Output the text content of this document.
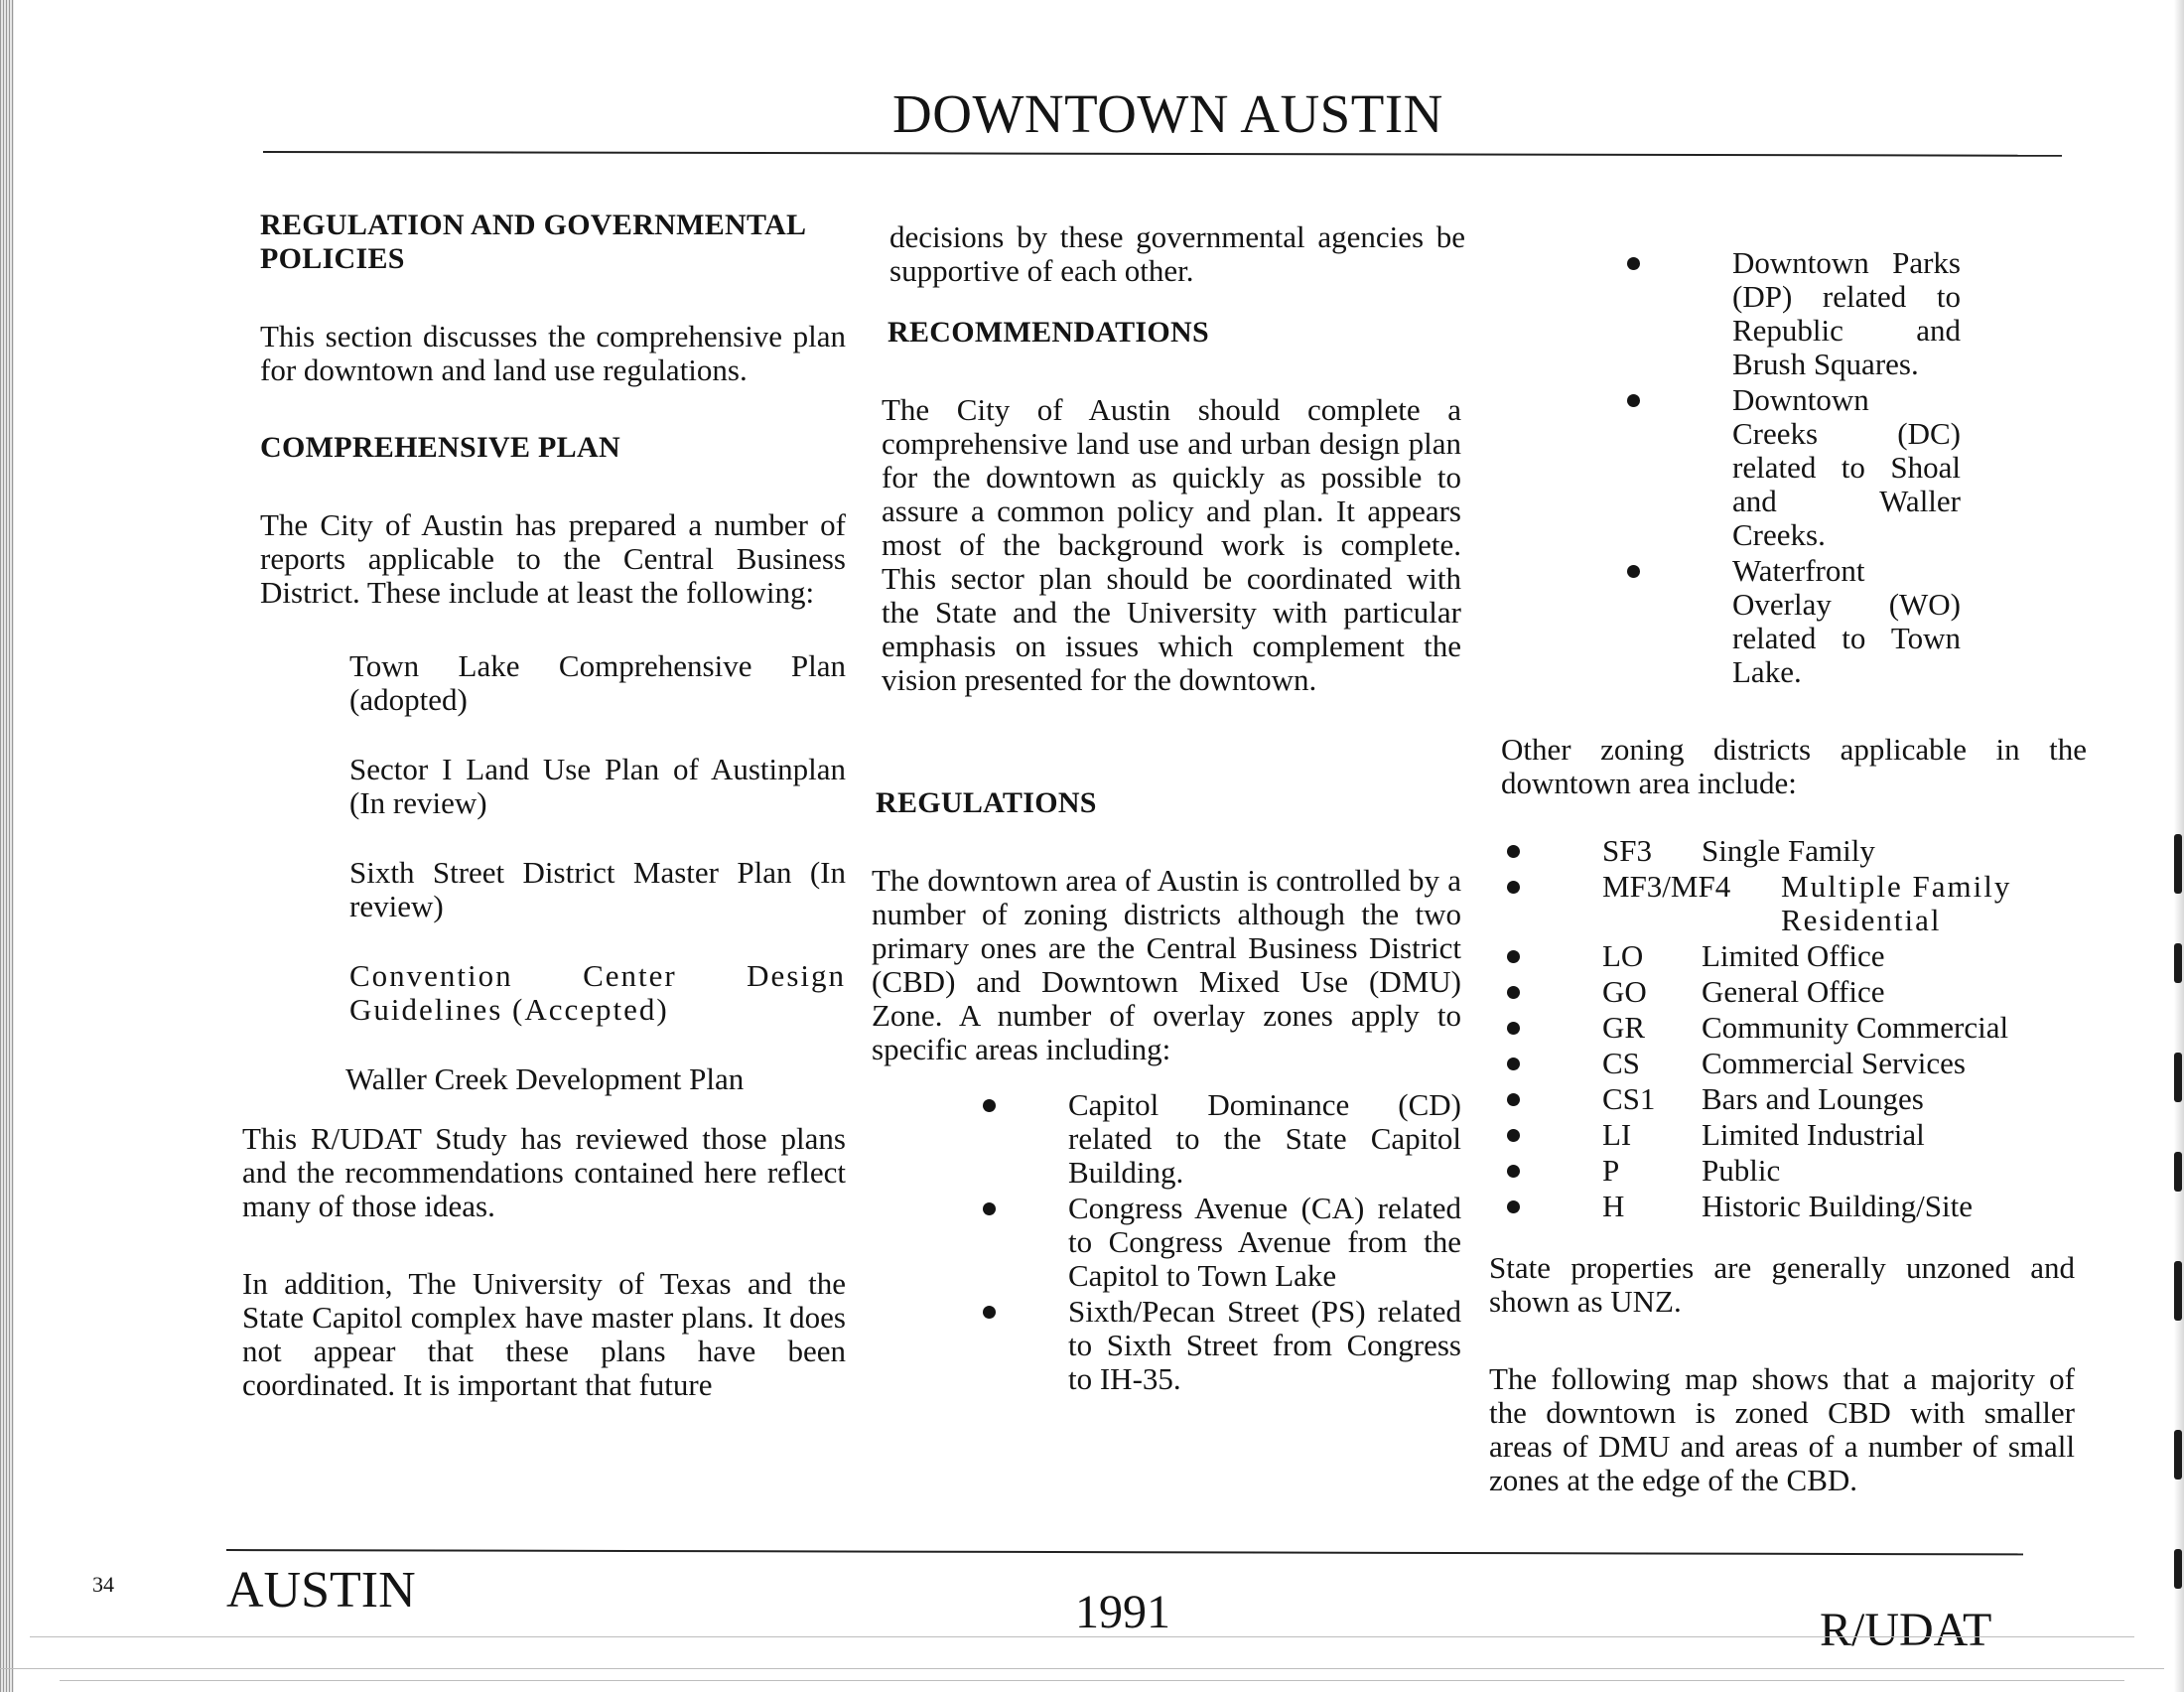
DOWNTOWN AUSTIN
REGULATION AND GOVERNMENTAL POLICIES

This section discusses the comprehensive plan for downtown and land use regulations.

COMPREHENSIVE PLAN

The City of Austin has prepared a number of reports applicable to the Central Business District. These include at least the following:

Town Lake Comprehensive Plan (adopted)

Sector I Land Use Plan of Austinplan (In review)

Sixth Street District Master Plan (In review)

Convention Center Design Guidelines (Accepted)

Waller Creek Development Plan

This R/UDAT Study has reviewed those plans and the recommendations contained here reflect many of those ideas.

In addition, The University of Texas and the State Capitol complex have master plans. It does not appear that these plans have been coordinated. It is important that future

decisions by these governmental agencies be supportive of each other.

RECOMMENDATIONS

The City of Austin should complete a comprehensive land use and urban design plan for the downtown as quickly as possible to assure a common policy and plan. It appears most of the background work is complete. This sector plan should be coordinated with the State and the University with particular emphasis on issues which complement the vision presented for the downtown.

REGULATIONS

The downtown area of Austin is controlled by a number of zoning districts although the two primary ones are the Central Business District (CBD) and Downtown Mixed Use (DMU) Zone. A number of overlay zones apply to specific areas including:

Capitol Dominance (CD) related to the State Capitol Building.
Congress Avenue (CA) related to Congress Avenue from the Capitol to Town Lake
Sixth/Pecan Street (PS) related to Sixth Street from Congress to IH-35.
Downtown Parks (DP) related to Republic and Brush Squares.
Downtown Creeks (DC) related to Shoal and Waller Creeks.
Waterfront Overlay (WO) related to Town Lake.

Other zoning districts applicable in the downtown area include:

SF3	Single Family
MF3/MF4	Multiple Family Residential
LO	Limited Office
GO	General Office
GR	Community Commercial
CS	Commercial Services
CS1	Bars and Lounges
LI	Limited Industrial
P	Public
H	Historic Building/Site

State properties are generally unzoned and shown as UNZ.

The following map shows that a majority of the downtown is zoned CBD with smaller areas of DMU and areas of a number of small zones at the edge of the CBD.

34 AUSTIN	1991	R/UDAT
